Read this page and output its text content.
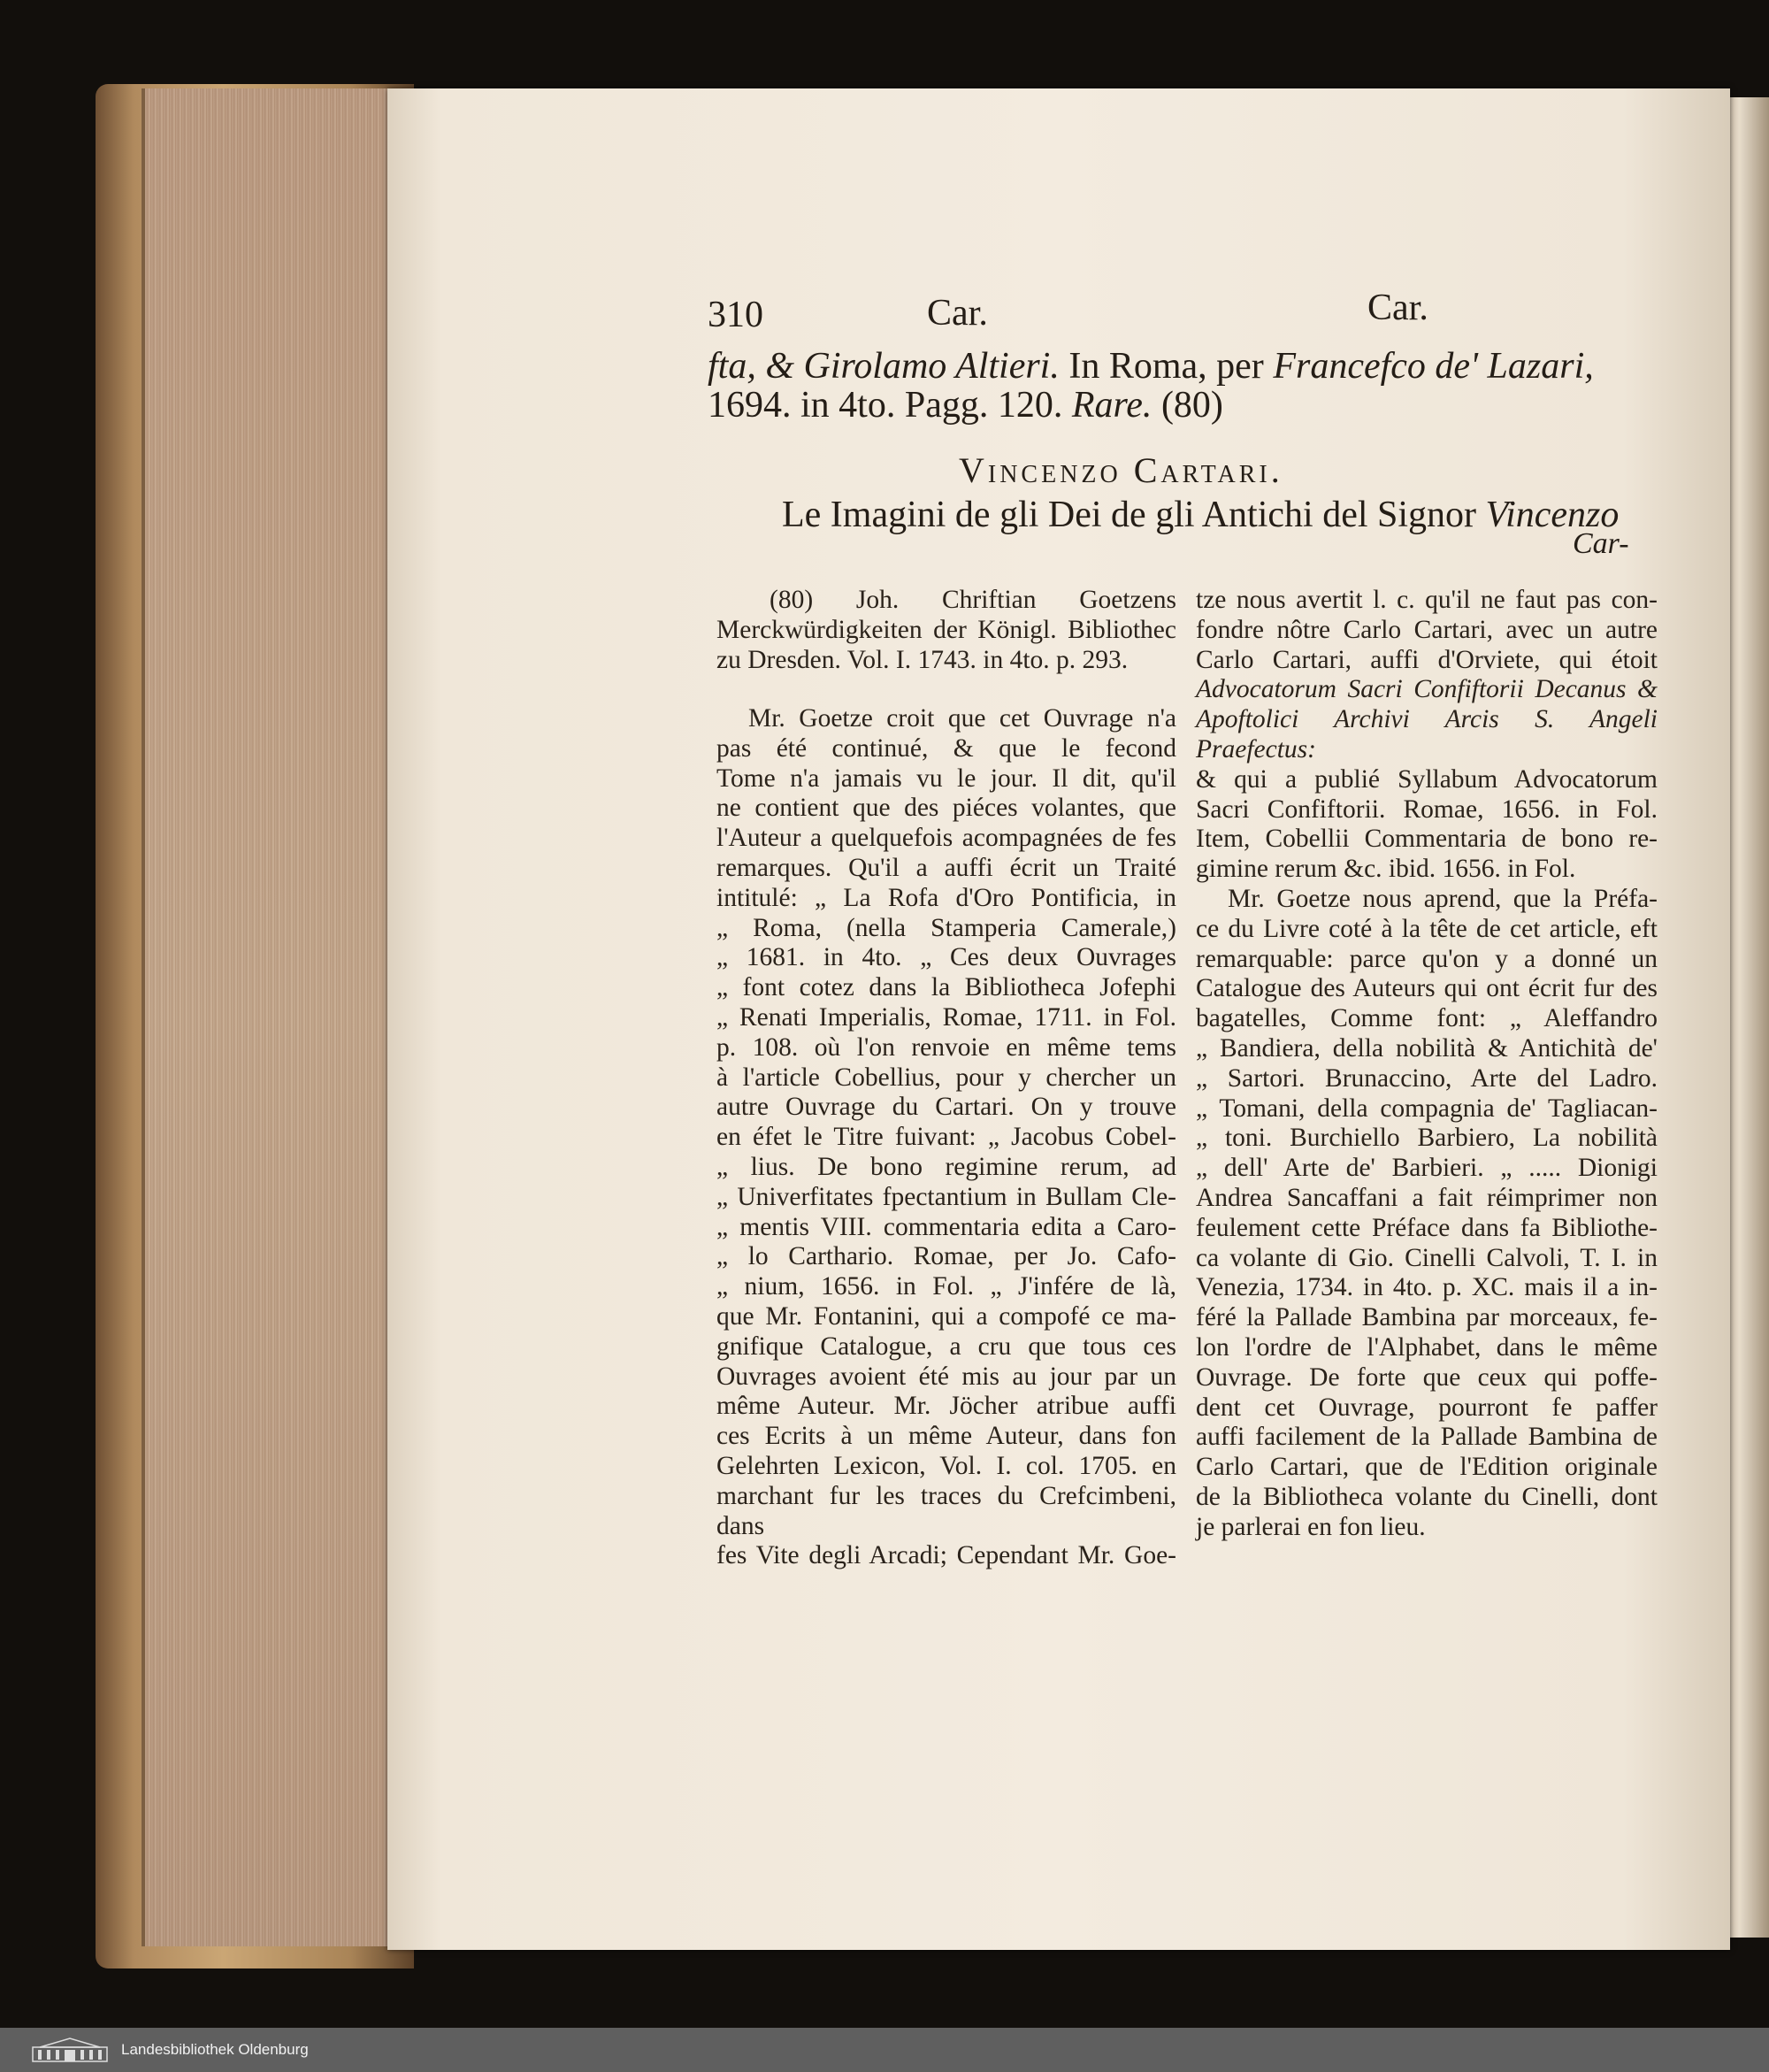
310	Car.	Car.
fta, & Girolamo Altieri. In Roma, per Francefco de' Lazari,
1694. in 4to. Pagg. 120. Rare. (80)
Vincenzo Cartari.
Le Imagini de gli Dei de gli Antichi del Signor Vincenzo
Car-
(80) Joh. Chriftian Goetzens
Merckwürdigkeiten der Königl. Bibliothec
zu Dresden. Vol. I. 1743. in 4to. p. 293.
Mr. Goetze croit que cet Ouvrage n'a
pas été continué, & que le fecond
Tome n'a jamais vu le jour. Il dit, qu'il
ne contient que des piéces volantes, que
l'Auteur a quelquefois acompagnées de fes
remarques. Qu'il a auffi écrit un Traité
intitulé: „ La Rofa d'Oro Pontificia, in
„ Roma, (nella Stamperia Camerale,)
„ 1681. in 4to. „ Ces deux Ouvrages
„ font cotez dans la Bibliotheca Jofephi
„ Renati Imperialis, Romae, 1711. in Fol.
p. 108. où l'on renvoie en même tems
à l'article Cobellius, pour y chercher un
autre Ouvrage du Cartari. On y trouve
en éfet le Titre fuivant: „ Jacobus Cobel-
„ lius. De bono regimine rerum, ad
„ Univerfitates fpectantium in Bullam Cle-
„ mentis VIII. commentaria edita a Caro-
„ lo Carthario. Romae, per Jo. Cafo-
„ nium, 1656. in Fol. „ J'infére de là,
que Mr. Fontanini, qui a compofé ce ma-
gnifique Catalogue, a cru que tous ces
Ouvrages avoient été mis au jour par un
même Auteur. Mr. Jöcher atribue auffi
ces Ecrits à un même Auteur, dans fon
Gelehrten Lexicon, Vol. I. col. 1705. en
marchant fur les traces du Crefcimbeni, dans
fes Vite degli Arcadi; Cependant Mr. Goe-
tze nous avertit l. c. qu'il ne faut pas con-
fondre nôtre Carlo Cartari, avec un autre
Carlo Cartari, auffi d'Orviete, qui étoit
Advocatorum Sacri Confiftorii Decanus &
Apoftolici Archivi Arcis S. Angeli Praefectus:
& qui a publié Syllabum Advocatorum
Sacri Confiftorii. Romae, 1656. in Fol.
Item, Cobellii Commentaria de bono re-
gimine rerum &c. ibid. 1656. in Fol.
Mr. Goetze nous aprend, que la Préfa-
ce du Livre coté à la tête de cet article, eft
remarquable: parce qu'on y a donné un
Catalogue des Auteurs qui ont écrit fur des
bagatelles, Comme font: „ Aleffandro
„ Bandiera, della nobilità & Antichità de'
„ Sartori. Brunaccino, Arte del Ladro.
„ Tomani, della compagnia de' Tagliacan-
„ toni. Burchiello Barbiero, La nobilità
„ dell' Arte de' Barbieri. „ ..... Dionigi
Andrea Sancaffani a fait réimprimer non
feulement cette Préface dans fa Bibliothe-
ca volante di Gio. Cinelli Calvoli, T. I. in
Venezia, 1734. in 4to. p. XC. mais il a in-
féré la Pallade Bambina par morceaux, fe-
lon l'ordre de l'Alphabet, dans le même
Ouvrage. De forte que ceux qui poffe-
dent cet Ouvrage, pourront fe paffer
auffi facilement de la Pallade Bambina de
Carlo Cartari, que de l'Edition originale
de la Bibliotheca volante du Cinelli, dont
je parlerai en fon lieu.
Landesbibliothek Oldenburg
